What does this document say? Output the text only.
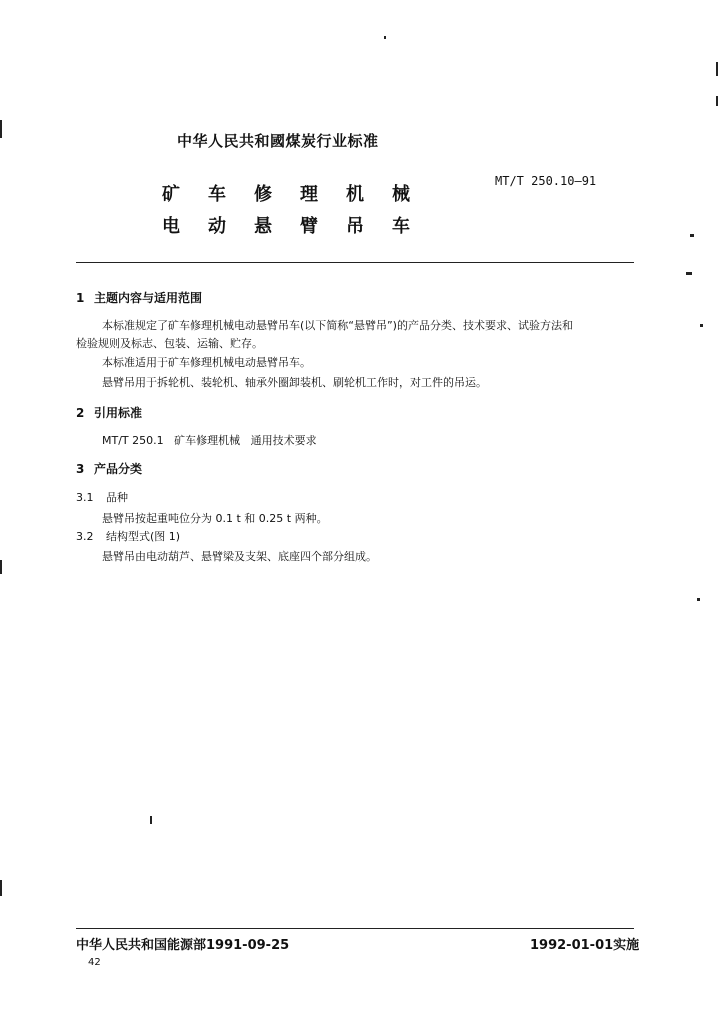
中华人民共和國煤炭行业标准
矿 车 修 理 机 械
电 动 悬 臂 吊 车
MT/T 250.10—91
1 主题内容与适用范围
本标准规定了矿车修理机械电动悬臂吊车(以下简称“悬臂吊”)的产品分类、技术要求、试验方法和
检验规则及标志、包装、运输、贮存。
本标准适用于矿车修理机械电动悬臂吊车。
悬臂吊用于拆轮机、装轮机、轴承外圈卸装机、刷轮机工作时，对工件的吊运。
2 引用标准
MT/T 250.1   矿车修理机械   通用技术要求
3 产品分类
3.1 品种
悬臂吊按起重吨位分为 0.1 t 和 0.25 t 两种。
3.2 结构型式(图 1)
悬臂吊由电动葫芦、悬臂梁及支架、底座四个部分组成。
中华人民共和国能源部1991-09-25	1992-01-01实施
42
